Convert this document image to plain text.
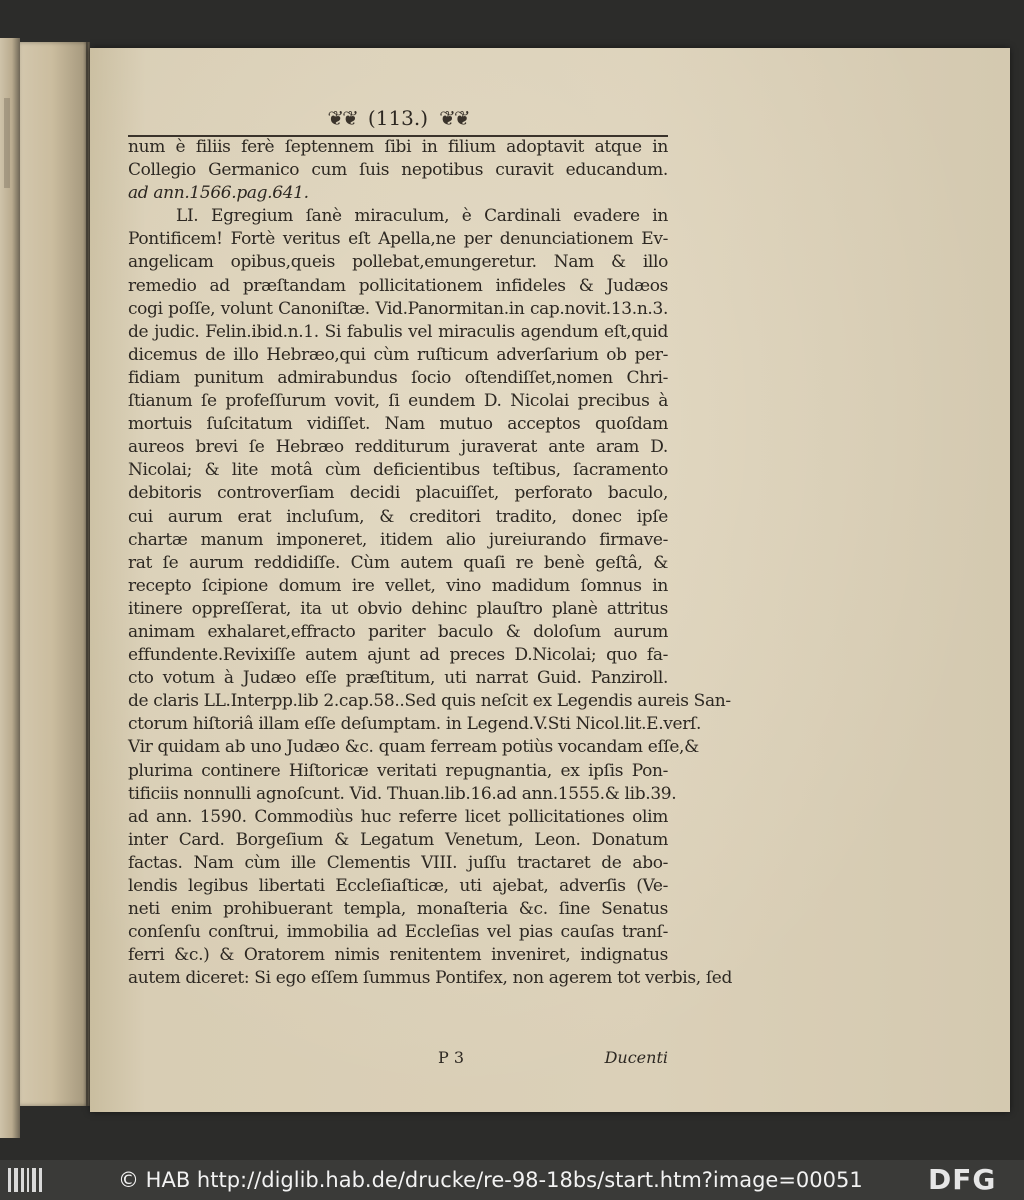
❦❦ (113.) ❦❦
num è filiis ferè ſeptennem ſibi in filium adoptavit atque in
Collegio Germanico cum ſuis nepotibus curavit educandum.
ad ann.1566.pag.641.
LI. Egregium ſanè miraculum, è Cardinali evadere in
Pontificem! Fortè veritus eſt Apella,ne per denunciationem Ev-
angelicam opibus,queis pollebat,emungeretur. Nam & illo
remedio ad præſtandam pollicitationem infideles & Judæos
cogi poſſe, volunt Canoniſtæ. Vid.Panormitan.in cap.novit.13.n.3.
de judic. Felin.ibid.n.1. Si fabulis vel miraculis agendum eſt,quid
dicemus de illo Hebræo,qui cùm ruſticum adverſarium ob per-
fidiam punitum admirabundus ſocio oſtendiſſet,nomen Chri-
ſtianum ſe profeſſurum vovit, ſi eundem D. Nicolai precibus à
mortuis ſuſcitatum vidiſſet. Nam mutuo acceptos quoſdam
aureos brevi ſe Hebræo redditurum juraverat ante aram D.
Nicolai; & lite motâ cùm deficientibus teſtibus, ſacramento
debitoris controverſiam decidi placuiſſet, perforato baculo,
cui aurum erat incluſum, & creditori tradito, donec ipſe
chartæ manum imponeret, itidem alio jureiurando firmave-
rat ſe aurum reddidiſſe. Cùm autem quaſi re benè geſtâ, &
recepto ſcipione domum ire vellet, vino madidum ſomnus in
itinere oppreſſerat, ita ut obvio dehinc plauſtro planè attritus
animam exhalaret,effracto pariter baculo & doloſum aurum
effundente.Revixiſſe autem ajunt ad preces D.Nicolai; quo fa-
cto votum à Judæo eſſe præſtitum, uti narrat Guid. Panziroll.
de claris LL.Interpp.lib 2.cap.58..Sed quis neſcit ex Legendis aureis San-
ctorum hiſtoriâ illam eſſe deſumptam. in Legend.V.Sti Nicol.lit.E.verſ.
Vir quidam ab uno Judæo &c. quam ferream potiùs vocandam eſſe,&
plurima continere Hiſtoricæ veritati repugnantia, ex ipſis Pon-
tificiis nonnulli agnoſcunt. Vid. Thuan.lib.16.ad ann.1555.& lib.39.
ad ann. 1590. Commodiùs huc referre licet pollicitationes olim
inter Card. Borgeſium & Legatum Venetum, Leon. Donatum
factas. Nam cùm ille Clementis VIII. juſſu tractaret de abo-
lendis legibus libertati Eccleſiaſticæ, uti ajebat, adverſis (Ve-
neti enim prohibuerant templa, monaſteria &c. ſine Senatus
conſenſu conſtrui, immobilia ad Eccleſias vel pias cauſas tranſ-
ferri &c.) & Oratorem nimis renitentem inveniret, indignatus
autem diceret: Si ego eſſem ſummus Pontifex, non agerem tot verbis, ſed
P 3	Ducenti
© HAB http://diglib.hab.de/drucke/re-98-18bs/start.htm?image=00051 DFG
